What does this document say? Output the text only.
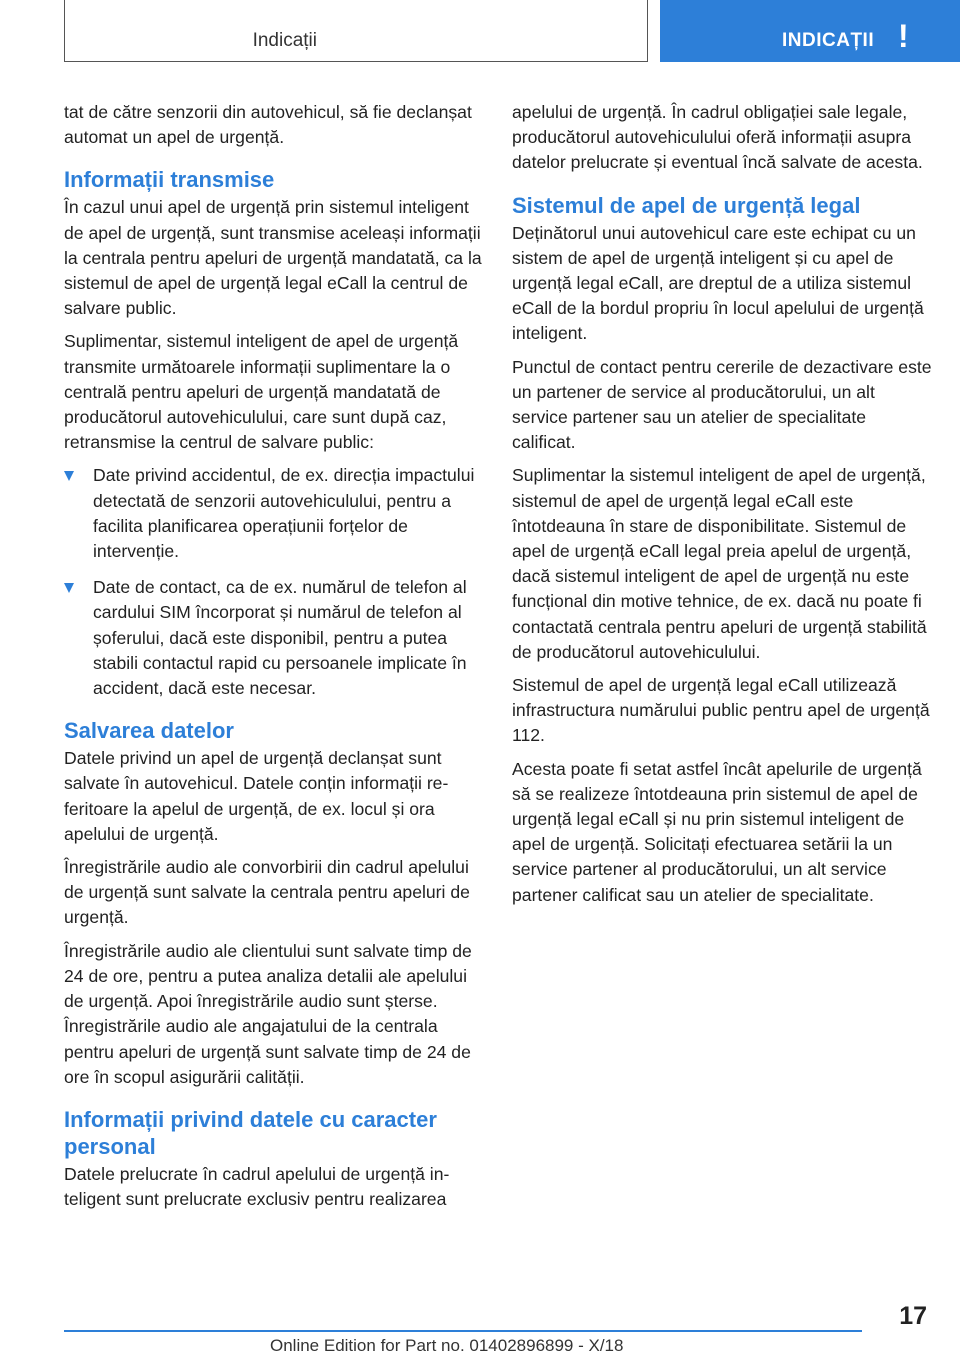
Indicații	INDICAȚII !

tat de către senzorii din autovehicul, să fie declanșat automat un apel de urgență.

Informații transmise

În cazul unui apel de urgență prin sistemul inteligent de apel de urgență, sunt transmise aceleași informații la centrala pentru apeluri de urgență mandatată, ca la sistemul de apel de urgență legal eCall la centrul de salvare public.

Suplimentar, sistemul inteligent de apel de urgență transmite următoarele informații suplimentare la o centrală pentru apeluri de urgență mandatată de producătorul autovehiculului, care sunt după caz, retransmise la centrul de salvare public:

Date privind accidentul, de ex. direcția impactului detectată de senzorii autovehiculului, pentru a facilita planificarea operațiunii forțelor de intervenție.
Date de contact, ca de ex. numărul de telefon al cardului SIM încorporat și numărul de telefon al șoferului, dacă este disponibil, pentru a putea stabili contactul rapid cu persoanele implicate în accident, dacă este necesar.
Salvarea datelor

Datele privind un apel de urgență declanșat sunt salvate în autovehicul. Datele conțin informații referitoare la apelul de urgență, de ex. locul și ora apelului de urgență.

Înregistrările audio ale convorbirii din cadrul apelului de urgență sunt salvate la centrala pentru apeluri de urgență.

Înregistrările audio ale clientului sunt salvate timp de 24 de ore, pentru a putea analiza detalii ale apelului de urgență. Apoi înregistrările audio sunt șterse. Înregistrările audio ale angajatului de la centrala pentru apeluri de urgență sunt salvate timp de 24 de ore în scopul asigurării calității.

Informații privind datele cu caracter personal

Datele prelucrate în cadrul apelului de urgență inteligent sunt prelucrate exclusiv pentru realizarea

apelului de urgență. În cadrul obligației sale legale, producătorul autovehiculului oferă informații asupra datelor prelucrate și eventual încă salvate de acesta.

Sistemul de apel de urgență legal

Deținătorul unui autovehicul care este echipat cu un sistem de apel de urgență inteligent și cu apel de urgență legal eCall, are dreptul de a utiliza sistemul eCall de la bordul propriu în locul apelului de urgență inteligent.

Punctul de contact pentru cererile de dezactivare este un partener de service al producătorului, un alt service partener sau un atelier de specialitate calificat.

Suplimentar la sistemul inteligent de apel de urgență, sistemul de apel de urgență legal eCall este întotdeauna în stare de disponibilitate. Sistemul de apel de urgență eCall legal preia apelul de urgență, dacă sistemul inteligent de apel de urgență nu este funcțional din motive tehnice, de ex. dacă nu poate fi contactată centrala pentru apeluri de urgență stabilită de producătorul autovehiculului.

Sistemul de apel de urgență legal eCall utilizează infrastructura numărului public pentru apel de urgență 112.

Acesta poate fi setat astfel încât apelurile de urgență să se realizeze întotdeauna prin sistemul de apel de urgență legal eCall și nu prin sistemul inteligent de apel de urgență. Solicitați efectuarea setării la un service partener al producătorului, un alt service partener calificat sau un atelier de specialitate.

17
Online Edition for Part no. 01402896899 - X/18
